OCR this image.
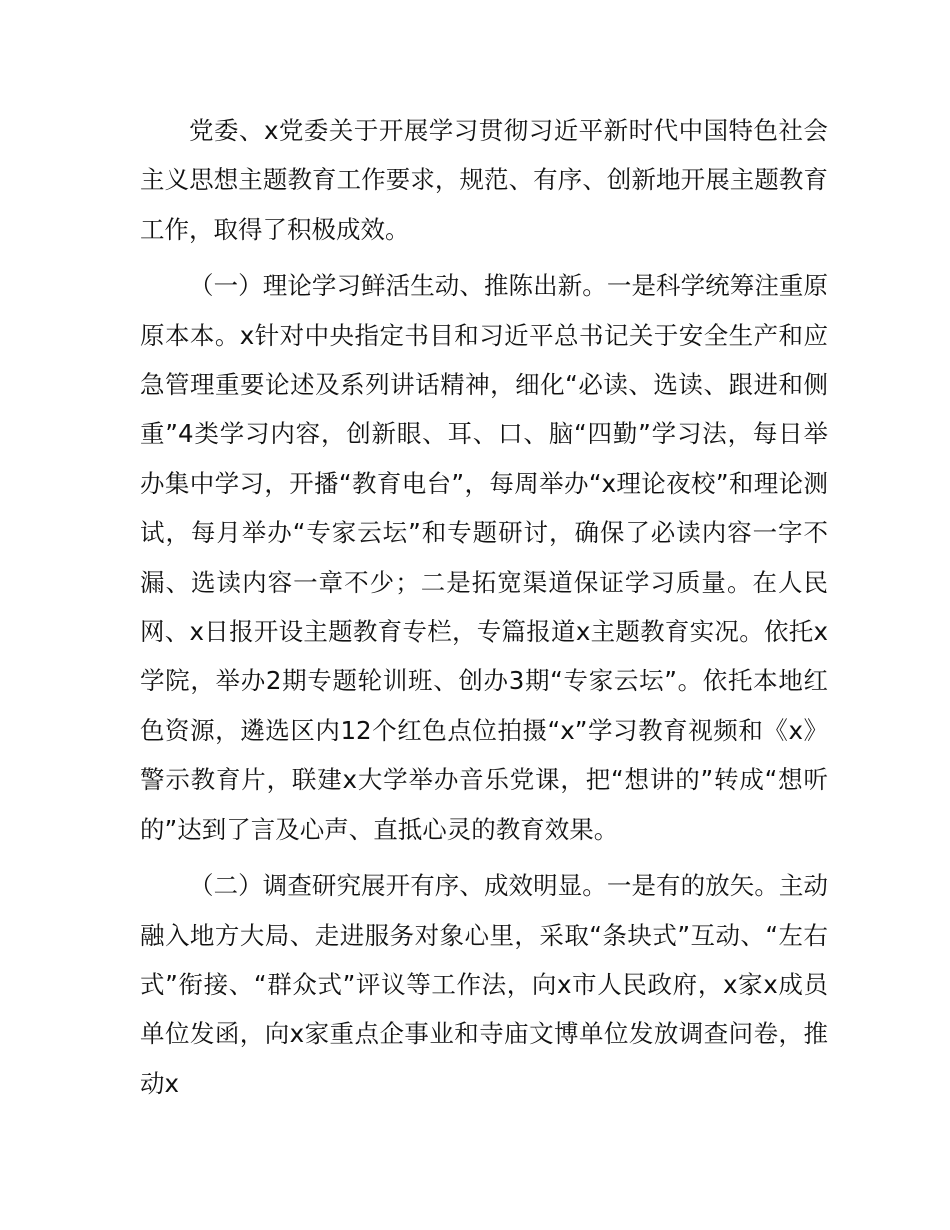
党委、x党委关于开展学习贯彻习近平新时代中国特色社会主义思想主题教育工作要求，规范、有序、创新地开展主题教育工作，取得了积极成效。

（一）理论学习鲜活生动、推陈出新。一是科学统筹注重原原本本。x针对中央指定书目和习近平总书记关于安全生产和应急管理重要论述及系列讲话精神，细化“必读、选读、跟进和侧重”4类学习内容，创新眼、耳、口、脑“四勤”学习法，每日举办集中学习，开播“教育电台”，每周举办“x理论夜校”和理论测试，每月举办“专家云坛”和专题研讨，确保了必读内容一字不漏、选读内容一章不少；二是拓宽渠道保证学习质量。在人民网、x日报开设主题教育专栏，专篇报道x主题教育实况。依托x学院，举办2期专题轮训班、创办3期“专家云坛”。依托本地红色资源，遴选区内12个红色点位拍摄“x”学习教育视频和《x》警示教育片，联建x大学举办音乐党课，把“想讲的”转成“想听的”达到了言及心声、直抵心灵的教育效果。

（二）调查研究展开有序、成效明显。一是有的放矢。主动融入地方大局、走进服务对象心里，采取“条块式”互动、“左右式”衔接、“群众式”评议等工作法，向x市人民政府，x家x成员单位发函，向x家重点企事业和寺庙文博单位发放调查问卷，推动x
